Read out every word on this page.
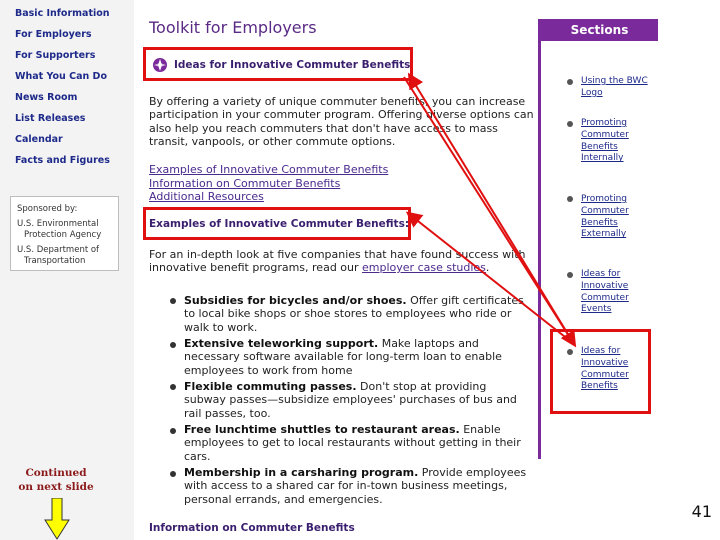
Basic Information
For Employers
For Supporters
What You Can Do
News Room
List Releases
Calendar
Facts and Figures
Sponsored by:
U.S. Environmental
Protection Agency
U.S. Department of
Transportation
Continued
on next slide
Toolkit for Employers
Ideas for Innovative Commuter Benefits
By offering a variety of unique commuter benefits, you can increase
participation in your commuter program. Offering diverse options can
also help you reach commuters that don't have access to mass
transit, vanpools, or other commute options.
Examples of Innovative Commuter Benefits
Information on Commuter Benefits
Additional Resources
Examples of Innovative Commuter Benefits:
For an in-depth look at five companies that have found success with
innovative benefit programs, read our employer case studies.
Subsidies for bicycles and/or shoes. Offer gift certificates to local bike shops or shoe stores to employees who ride or walk to work.
Extensive teleworking support. Make laptops and necessary software available for long-term loan to enable employees to work from home
Flexible commuting passes. Don't stop at providing subway passes—subsidize employees' purchases of bus and rail passes, too.
Free lunchtime shuttles to restaurant areas. Enable employees to get to local restaurants without getting in their cars.
Membership in a carsharing program. Provide employees with access to a shared car for in-town business meetings, personal errands, and emergencies.
Information on Commuter Benefits
Sections
Using the BWC Logo
Promoting Commuter Benefits Internally
Promoting Commuter Benefits Externally
Ideas for Innovative Commuter Events
Ideas for Innovative Commuter Benefits
41
